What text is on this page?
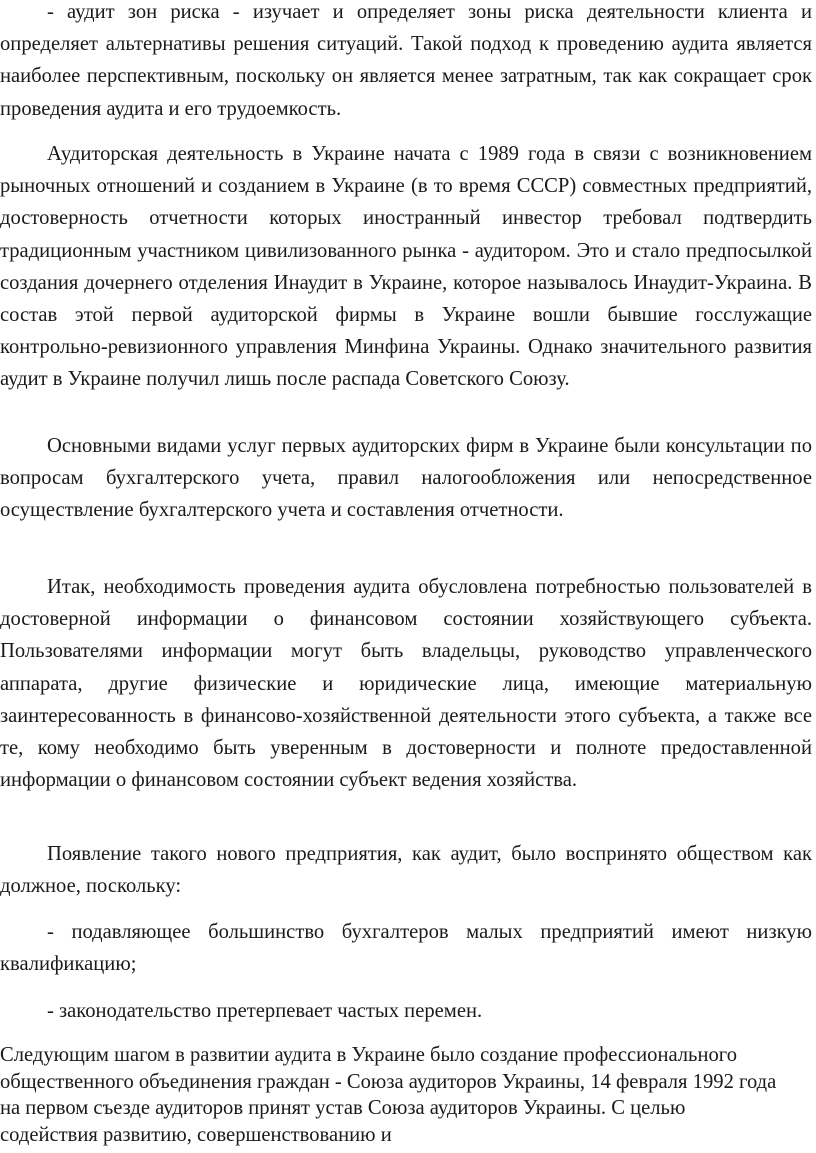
- аудит зон риска - изучает и определяет зоны риска деятельности клиента и определяет альтернативы решения ситуаций. Такой подход к проведению аудита является наиболее перспективным, поскольку он является менее затратным, так как сокращает срок проведения аудита и его трудоемкость.

Аудиторская деятельность в Украине начата с 1989 года в связи с возникновением рыночных отношений и созданием в Украине (в то время СССР) совместных предприятий, достоверность отчетности которых иностранный инвестор требовал подтвердить традиционным участником цивилизованного рынка - аудитором. Это и стало предпосылкой создания дочернего отделения Инаудит в Украине, которое называлось Инаудит-Украина. В состав этой первой аудиторской фирмы в Украине вошли бывшие госслужащие контрольно-ревизионного управления Минфина Украины. Однако значительного развития аудит в Украине получил лишь после распада Советского Союзу.

Основными видами услуг первых аудиторских фирм в Украине были консультации по вопросам бухгалтерского учета, правил налогообложения или непосредственное осуществление бухгалтерского учета и составления отчетности.

Итак, необходимость проведения аудита обусловлена потребностью пользователей в достоверной информации о финансовом состоянии хозяйствующего субъекта. Пользователями информации могут быть владельцы, руководство управленческого аппарата, другие физические и юридические лица, имеющие материальную заинтересованность в финансово-хозяйственной деятельности этого субъекта, а также все те, кому необходимо быть уверенным в достоверности и полноте предоставленной информации о финансовом состоянии субъект ведения хозяйства.

Появление такого нового предприятия, как аудит, было воспринято обществом как должное, поскольку:

- подавляющее большинство бухгалтеров малых предприятий имеют низкую квалификацию;

- законодательство претерпевает частых перемен.

Следующим шагом в развитии аудита в Украине было создание профессионального общественного объединения граждан - Союза аудиторов Украины, 14 февраля 1992 года на первом съезде аудиторов принят устав Союза аудиторов Украины. С целью содействия развитию, совершенствованию и
